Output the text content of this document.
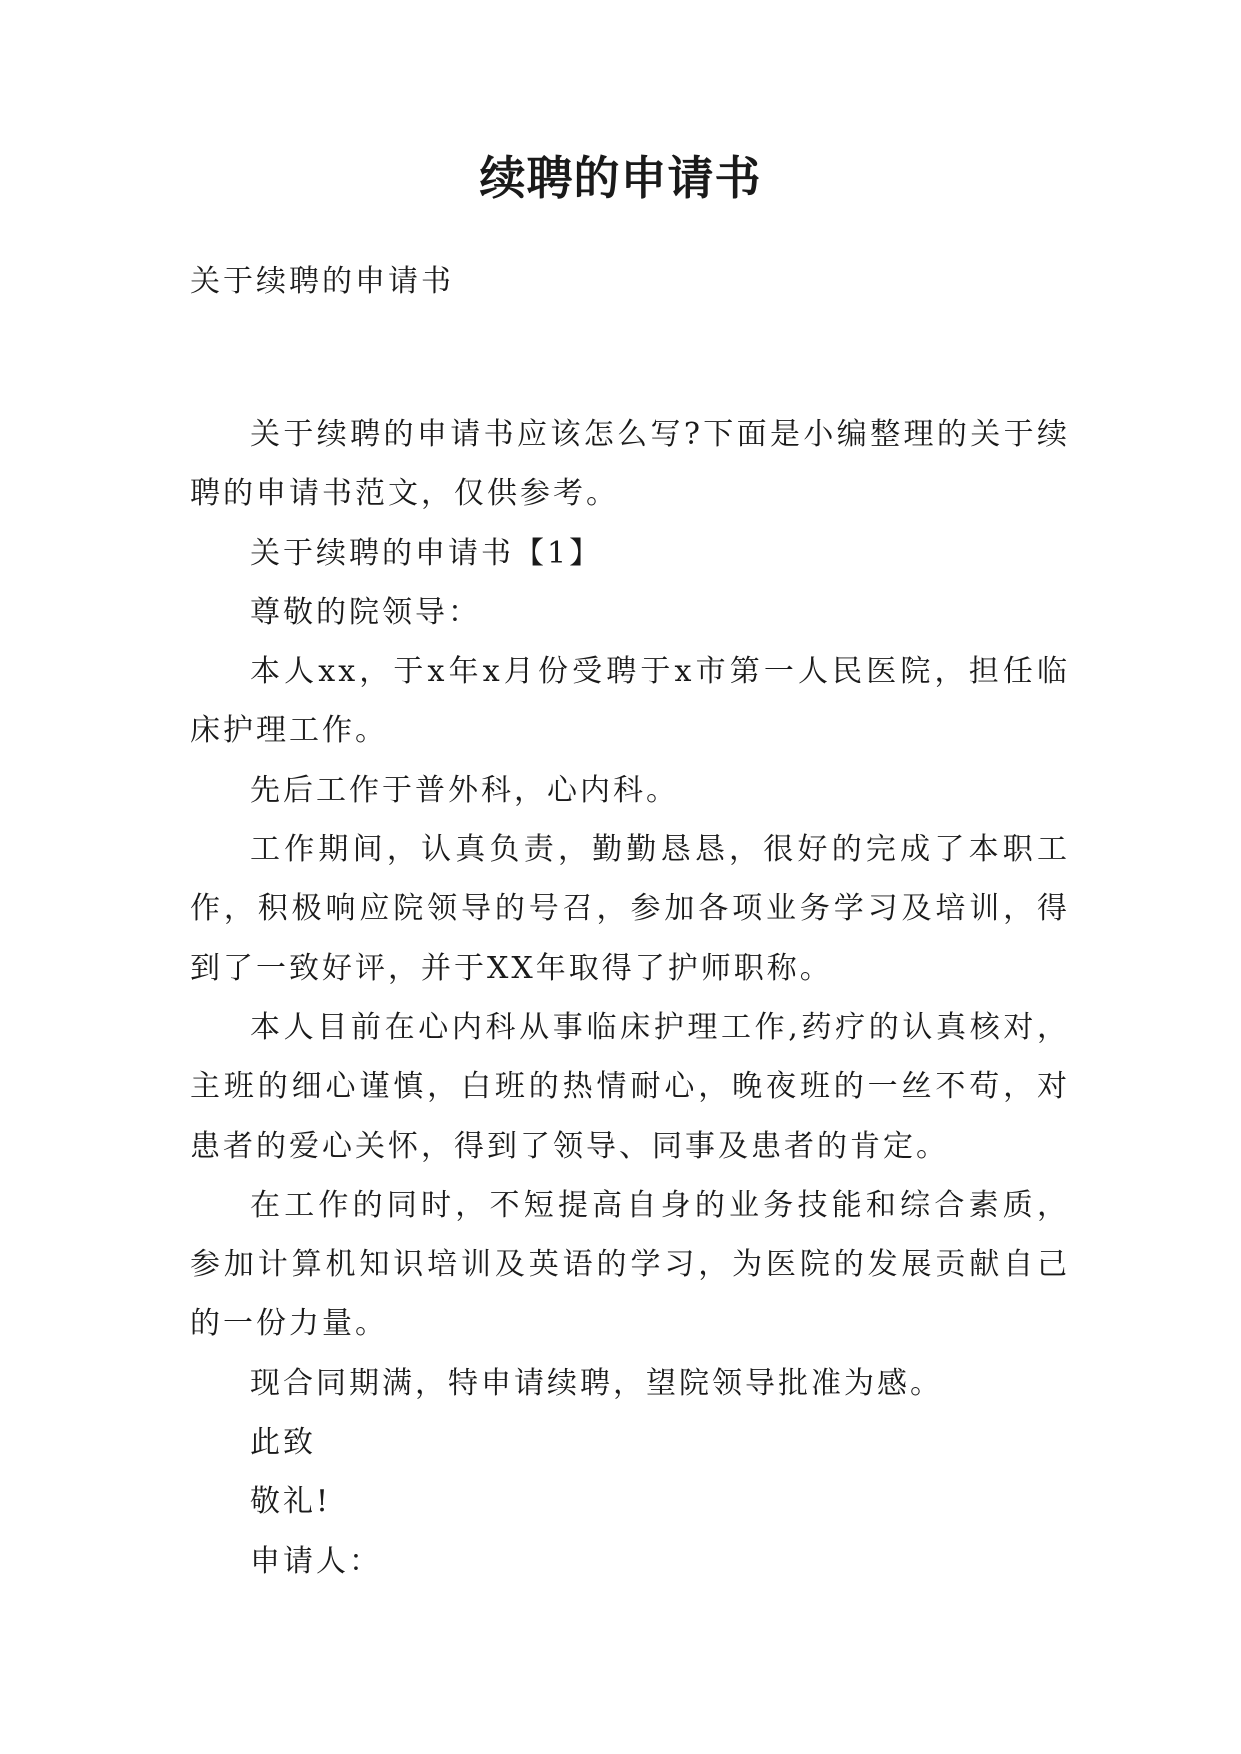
续聘的申请书
关于续聘的申请书

关于续聘的申请书应该怎么写?下面是小编整理的关于续聘的申请书范文，仅供参考。

关于续聘的申请书【1】

尊敬的院领导：

本人xx，于x年x月份受聘于x市第一人民医院，担任临床护理工作。

先后工作于普外科，心内科。

工作期间，认真负责，勤勤恳恳，很好的完成了本职工作，积极响应院领导的号召，参加各项业务学习及培训，得到了一致好评，并于XX年取得了护师职称。

本人目前在心内科从事临床护理工作,药疗的认真核对，主班的细心谨慎，白班的热情耐心，晚夜班的一丝不苟，对患者的爱心关怀，得到了领导、同事及患者的肯定。

在工作的同时，不短提高自身的业务技能和综合素质，参加计算机知识培训及英语的学习，为医院的发展贡献自己的一份力量。

现合同期满，特申请续聘，望院领导批准为感。

此致

敬礼!

申请人：
